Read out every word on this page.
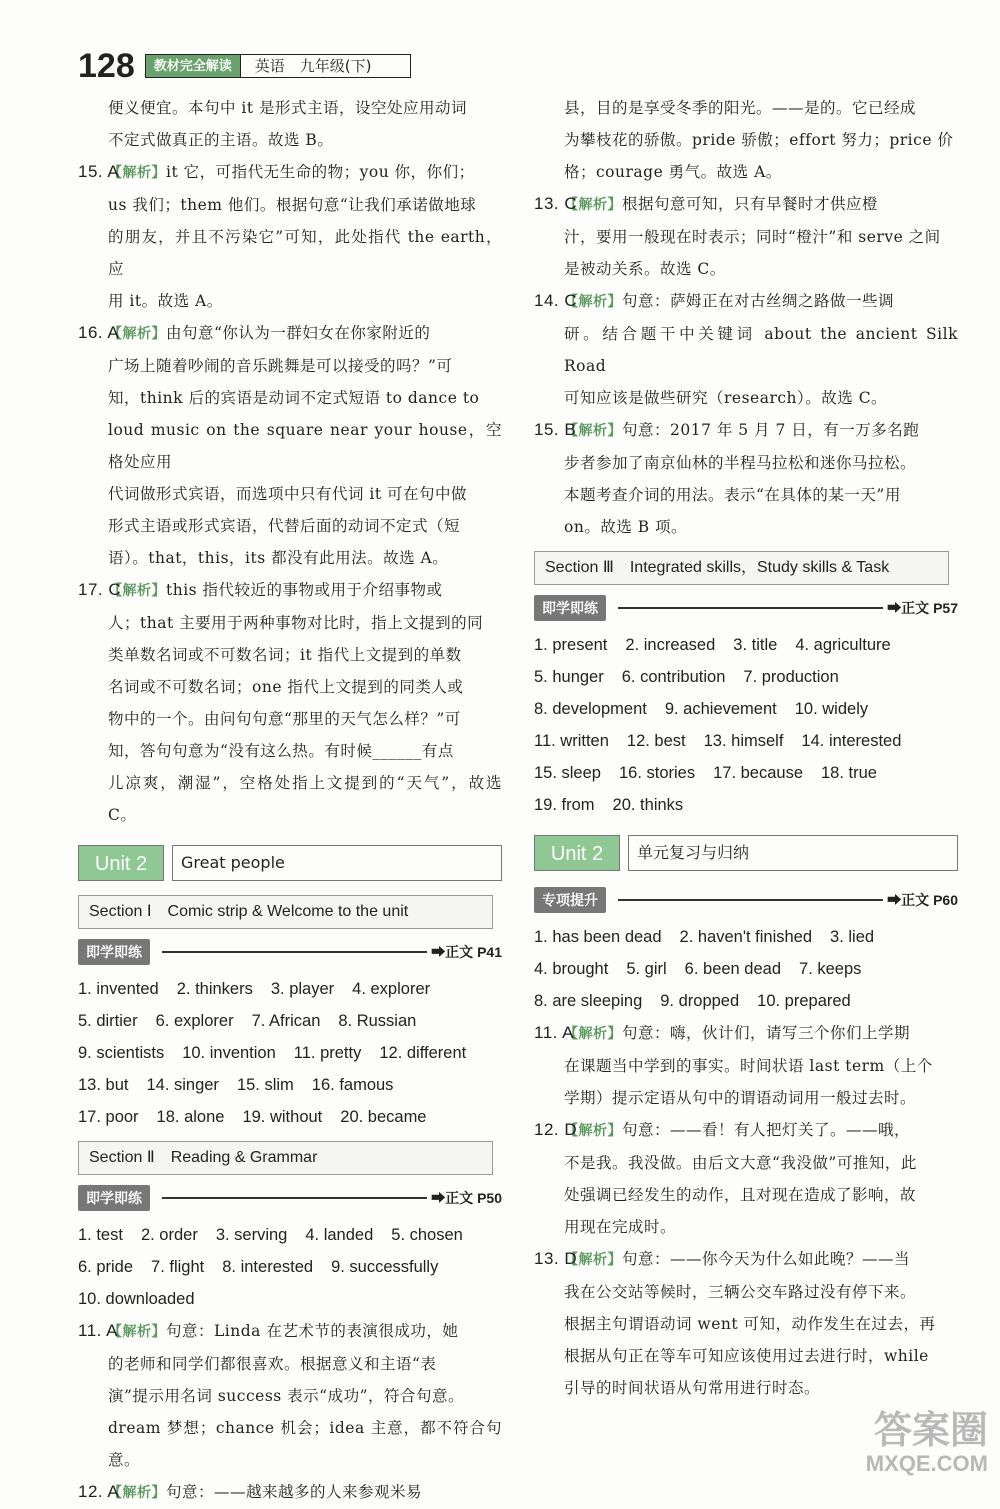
128	教材完全解读	英语　九年级(下)
便义便宜。本句中 it 是形式主语，设空处应用动词
不定式做真正的主语。故选 B。
15. A
【解析】it 它，可指代无生命的物；you 你，你们；
us 我们；them 他们。根据句意“让我们承诺做地球
的朋友，并且不污染它”可知，此处指代 the earth，应
用 it。故选 A。
16. A
【解析】由句意“你认为一群妇女在你家附近的
广场上随着吵闹的音乐跳舞是可以接受的吗？”可
知，think 后的宾语是动词不定式短语 to dance to
loud music on the square near your house，空格处应用
代词做形式宾语，而选项中只有代词 it 可在句中做
形式主语或形式宾语，代替后面的动词不定式（短
语）。that，this，its 都没有此用法。故选 A。
17. C
【解析】this 指代较近的事物或用于介绍事物或
人；that 主要用于两种事物对比时，指上文提到的同
类单数名词或不可数名词；it 指代上文提到的单数
名词或不可数名词；one 指代上文提到的同类人或
物中的一个。由问句句意“那里的天气怎么样？”可
知，答句句意为“没有这么热。有时候______有点
儿凉爽，潮湿”，空格处指上文提到的“天气”，故选 C。
Unit 2	Great people
Section Ⅰ　Comic strip & Welcome to the unit
即学即练	➡正文 P41
1. invented 2. thinkers 3. player 4. explorer
5. dirtier 6. explorer 7. African 8. Russian
9. scientists 10. invention 11. pretty 12. different
13. but 14. singer 15. slim 16. famous
17. poor 18. alone 19. without 20. became
Section Ⅱ　Reading & Grammar
即学即练	➡正文 P50
1. test 2. order 3. serving 4. landed 5. chosen
6. pride 7. flight 8. interested 9. successfully
10. downloaded
11. A
【解析】句意：Linda 在艺术节的表演很成功，她
的老师和同学们都很喜欢。根据意义和主语“表
演”提示用名词 success 表示“成功”，符合句意。
dream 梦想；chance 机会；idea 主意，都不符合句意。
12. A
【解析】句意：——越来越多的人来参观米易
县，目的是享受冬季的阳光。——是的。它已经成
为攀枝花的骄傲。pride 骄傲；effort 努力；price 价
格；courage 勇气。故选 A。
13. C
【解析】根据句意可知，只有早餐时才供应橙
汁，要用一般现在时表示；同时“橙汁”和 serve 之间
是被动关系。故选 C。
14. C
【解析】句意：萨姆正在对古丝绸之路做一些调
研。结合题干中关键词 about the ancient Silk Road
可知应该是做些研究（research）。故选 C。
15. B
【解析】句意：2017 年 5 月 7 日，有一万多名跑
步者参加了南京仙林的半程马拉松和迷你马拉松。
本题考查介词的用法。表示“在具体的某一天”用
on。故选 B 项。
Section Ⅲ　Integrated skills，Study skills & Task
即学即练	➡正文 P57
1. present 2. increased 3. title 4. agriculture
5. hunger 6. contribution 7. production
8. development 9. achievement 10. widely
11. written 12. best 13. himself 14. interested
15. sleep 16. stories 17. because 18. true
19. from 20. thinks
Unit 2	单元复习与归纳
专项提升	➡正文 P60
1. has been dead 2. haven't finished 3. lied
4. brought 5. girl 6. been dead 7. keeps
8. are sleeping 9. dropped 10. prepared
11. A
【解析】句意：嗨，伙计们，请写三个你们上学期
在课题当中学到的事实。时间状语 last term（上个
学期）提示定语从句中的谓语动词用一般过去时。
12. D
【解析】句意：——看！有人把灯关了。——哦，
不是我。我没做。由后文大意“我没做”可推知，此
处强调已经发生的动作，且对现在造成了影响，故
用现在完成时。
13. D
【解析】句意：——你今天为什么如此晚？——当
我在公交站等候时，三辆公交车路过没有停下来。
根据主句谓语动词 went 可知，动作发生在过去，再
根据从句正在等车可知应该使用过去进行时，while
引导的时间状语从句常用进行时态。
答案圈
MXQE.COM
